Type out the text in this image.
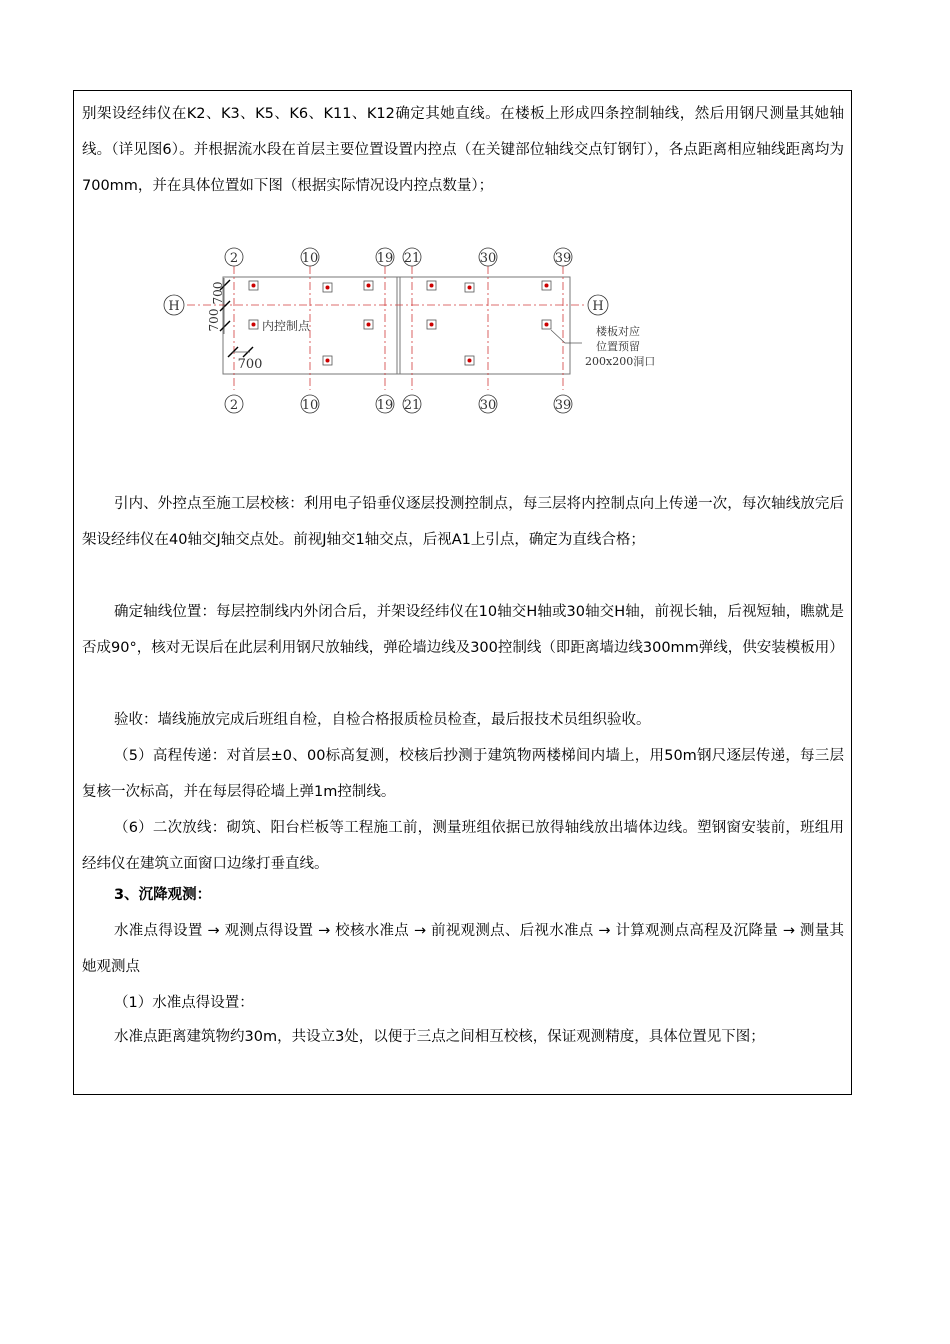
别架设经纬仪在K2、K3、K5、K6、K11、K12确定其她直线。在楼板上形成四条控制轴线，然后用钢尺测量其她轴线。（详见图6）。并根据流水段在首层主要位置设置内控点（在关键部位轴线交点钉钢钉），各点距离相应轴线距离均为700mm，并在具体位置如下图（根据实际情况设内控点数量）；

2	10	19 21	30	39
2	10	19 21	30	39
H	H
700
700
700
内控制点	楼板对应
位置预留
200x200洞口

引内、外控点至施工层校核：利用电子铅垂仪逐层投测控制点，每三层将内控制点向上传递一次，每次轴线放完后架设经纬仪在40轴交J轴交点处。前视J轴交1轴交点，后视A1上引点，确定为直线合格；

确定轴线位置：每层控制线内外闭合后，并架设经纬仪在10轴交H轴或30轴交H轴，前视长轴，后视短轴，瞧就是否成90°，核对无误后在此层利用钢尺放轴线，弹砼墙边线及300控制线（即距离墙边线300mm弹线，供安装模板用）

验收：墙线施放完成后班组自检，自检合格报质检员检查，最后报技术员组织验收。

（5）高程传递：对首层±0、00标高复测，校核后抄测于建筑物两楼梯间内墙上，用50m钢尺逐层传递，每三层复核一次标高，并在每层得砼墙上弹1m控制线。

（6）二次放线：砌筑、阳台栏板等工程施工前，测量班组依据已放得轴线放出墙体边线。塑钢窗安装前，班组用经纬仪在建筑立面窗口边缘打垂直线。

3、沉降观测：

水准点得设置 → 观测点得设置 → 校核水准点 → 前视观测点、后视水准点 → 计算观测点高程及沉降量 → 测量其她观测点

（1）水准点得设置：

水准点距离建筑物约30m，共设立3处，以便于三点之间相互校核，保证观测精度，具体位置见下图；
